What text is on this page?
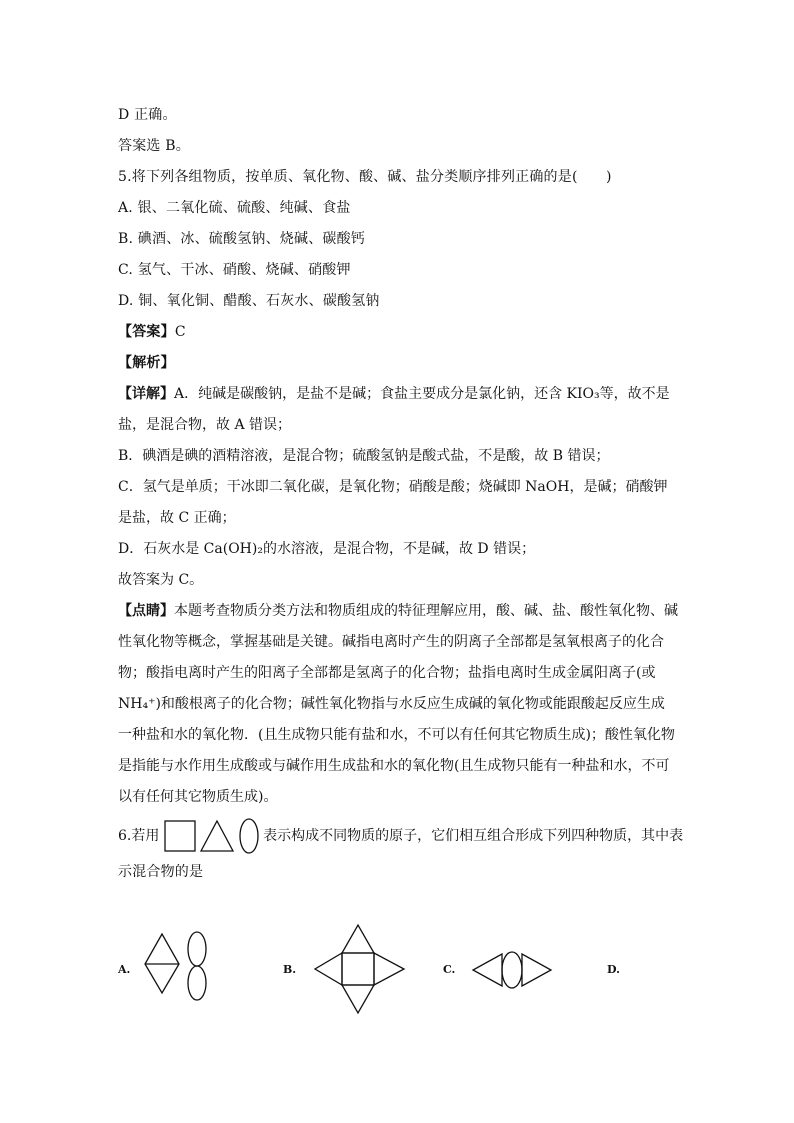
D 正确。
答案选 B。
5.将下列各组物质，按单质、氧化物、酸、碱、盐分类顺序排列正确的是(　　)
A. 银、二氧化硫、硫酸、纯碱、食盐
B. 碘酒、冰、硫酸氢钠、烧碱、碳酸钙
C. 氢气、干冰、硝酸、烧碱、硝酸钾
D. 铜、氧化铜、醋酸、石灰水、碳酸氢钠
【答案】C
【解析】
【详解】A．纯碱是碳酸钠，是盐不是碱；食盐主要成分是氯化钠，还含 KIO₃等，故不是盐，是混合物，故 A 错误；
B．碘酒是碘的酒精溶液，是混合物；硫酸氢钠是酸式盐，不是酸，故 B 错误；
C．氢气是单质；干冰即二氧化碳，是氧化物；硝酸是酸；烧碱即 NaOH，是碱；硝酸钾是盐，故 C 正确；
D．石灰水是 Ca(OH)₂的水溶液，是混合物，不是碱，故 D 错误；
故答案为 C。
【点睛】本题考查物质分类方法和物质组成的特征理解应用，酸、碱、盐、酸性氧化物、碱性氧化物等概念，掌握基础是关键。碱指电离时产生的阴离子全部都是氢氧根离子的化合物；酸指电离时产生的阳离子全部都是氢离子的化合物；盐指电离时生成金属阳离子(或 NH₄⁺)和酸根离子的化合物；碱性氧化物指与水反应生成碱的氧化物或能跟酸起反应生成一种盐和水的氧化物．(且生成物只能有盐和水，不可以有任何其它物质生成)；酸性氧化物是指能与水作用生成酸或与碱作用生成盐和水的氧化物(且生成物只能有一种盐和水，不可以有任何其它物质生成)。
6.若用	表示构成不同物质的原子，它们相互组合形成下列四种物质，其中表
示混合物的是
A.	B.	C.	D.
